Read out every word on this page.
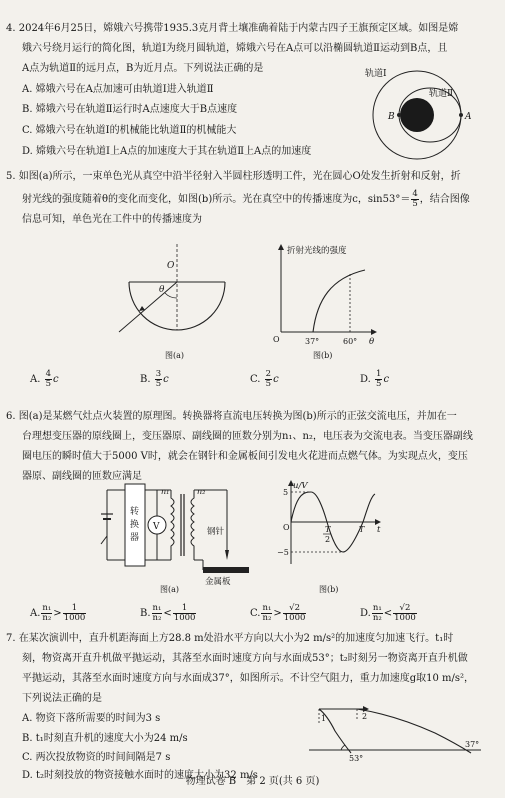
4. 2024年6月25日，嫦娥六号携带1935.3克月背土壤准确着陆于内蒙古四子王旗预定区域。如图是嫦
娥六号绕月运行的简化图，轨道Ⅰ为绕月圆轨道，嫦娥六号在A点可以沿椭圆轨道Ⅱ运动到B点，且
A点为轨道Ⅱ的远月点，B为近月点。下列说法正确的是
A. 嫦娥六号在A点加速可由轨道Ⅰ进入轨道Ⅱ
B. 嫦娥六号在轨道Ⅱ运行时A点速度大于B点速度
C. 嫦娥六号在轨道Ⅰ的机械能比轨道Ⅱ的机械能大
D. 嫦娥六号在轨道Ⅰ上A点的加速度大于其在轨道Ⅱ上A点的加速度
轨道Ⅰ
轨道Ⅱ
A
B
5. 如图(a)所示，一束单色光从真空中沿半径射入半圆柱形透明工件，光在圆心O处发生折射和反射，折
射光线的强度随着θ的变化而变化，如图(b)所示。光在真空中的传播速度为c，$\sin 53^\circ= \frac{4}{5}$ ，结合图像
信息可知，单色光在工件中的传播速度为
O
θ
图(a)
折射光线的强度
37°	60° θ
O
图(b)
A. $\frac{4}{5}$ c	B. $\frac{3}{5}$ c	C. $\frac{2}{5}$ c	D. $\frac{1}{5}$ c
6. 图(a)是某燃气灶点火装置的原理图。转换器将直流电压转换为图(b)所示的正弦交流电压，并加在一
台理想变压器的原线圈上，变压器原、副线圈的匝数分别为n₁、n₂，电压表为交流电表。当变压器副线
圈电压的瞬时值大于5000 V时，就会在钢针和金属板间引发电火花进而点燃气体。为实现点火，变压
器原、副线圈的匝数应满足
转
换
器
V
n₁	n₂
钢针
金属板
图(a)
u/V
5
−5
O	T
2
T t
图(b)
A. $\frac{\text{n₁}}{\text{n₂}} > \frac{1}{1000}$	B. $\frac{\text{n₁}}{\text{n₂}} < \frac{1}{1000}$	C. $\frac{\text{n₁}}{\text{n₂}} > \frac{√2}{1000}$	D. $\frac{\text{n₁}}{\text{n₂}} < \frac{√2}{1000}$
7. 在某次演训中，直升机距海面上方28.8 m处沿水平方向以大小为2 m/s²的加速度匀加速飞行。t₁时
刻，物资离开直升机做平抛运动，其落至水面时速度方向与水面成53°；t₂时刻另一物资离开直升机做
平抛运动，其落至水面时速度方向与水面成37°，如图所示。不计空气阻力，重力加速度g取10 m/s²，
下列说法正确的是
A. 物资下落所需要的时间为3 s
B. t₁时刻直升机的速度大小为24 m/s
C. 两次投放物资的时间间隔是7 s
D. t₂时刻投放的物资接触水面时的速度大小为32 m/s
1	2
53°
37°
物理试卷 B　第 2 页(共 6 页)
